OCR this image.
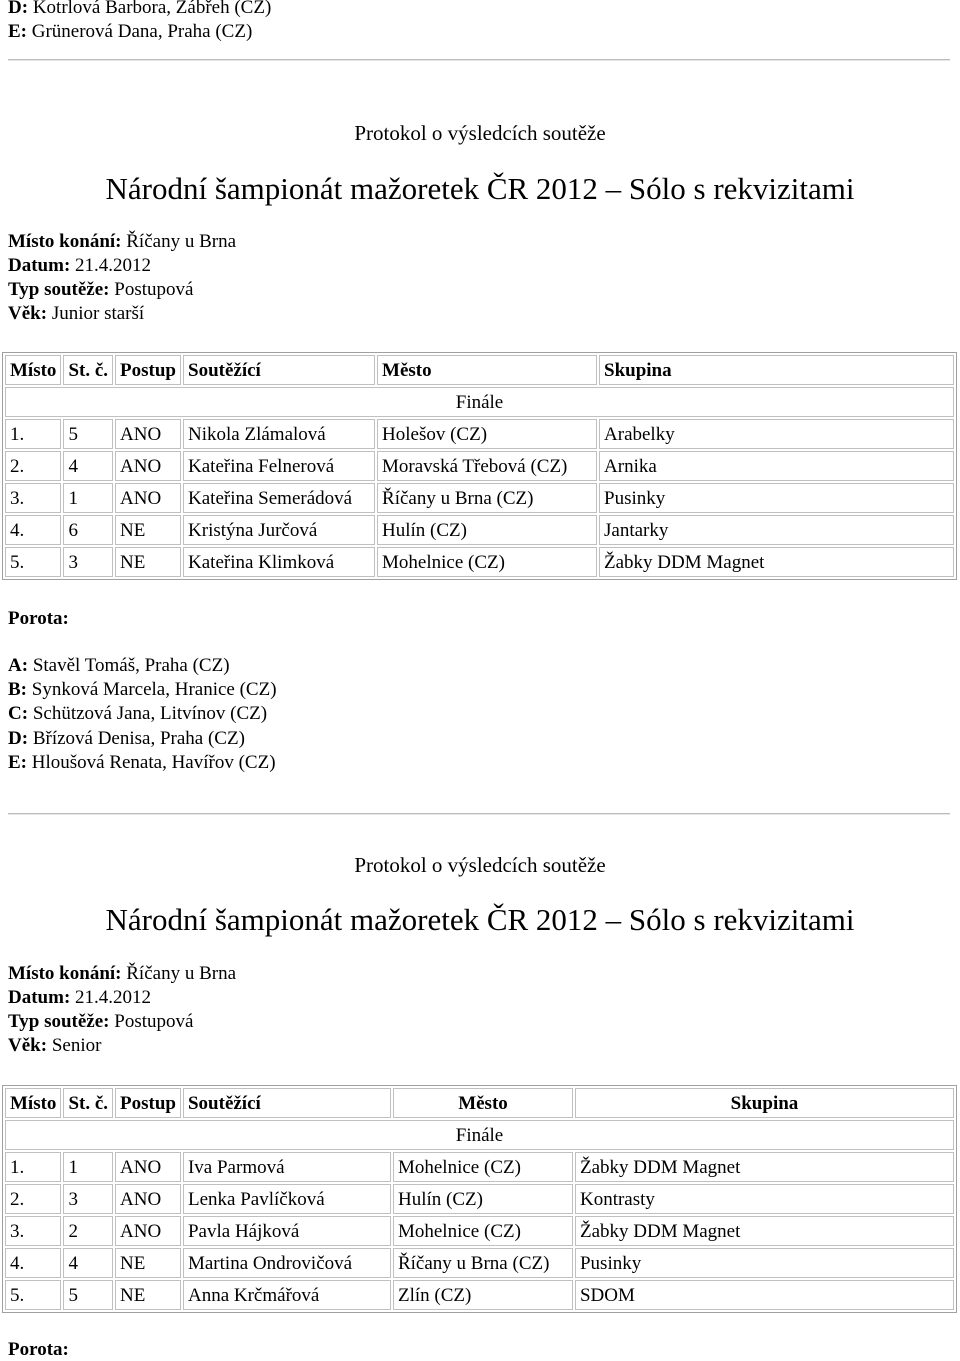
D: Kotrlová Barbora, Zábřeh (CZ)
E: Grünerová Dana, Praha (CZ)
Protokol o výsledcích soutěže
Národní šampionát mažoretek ČR 2012 – Sólo s rekvizitami
Místo konání: Říčany u Brna
Datum: 21.4.2012
Typ soutěže: Postupová
Věk: Junior starší
Místo	St. č.	Postup	Soutěžící	Město	Skupina
Finále					
1.	5	ANO	Nikola Zlámalová	Holešov (CZ)	Arabelky
2.	4	ANO	Kateřina Felnerová	Moravská Třebová (CZ)	Arnika
3.	1	ANO	Kateřina Semerádová	Říčany u Brna (CZ)	Pusinky
4.	6	NE	Kristýna Jurčová	Hulín (CZ)	Jantarky
5.	3	NE	Kateřina Klimková	Mohelnice (CZ)	Žabky DDM Magnet
Porota:
A: Stavěl Tomáš, Praha (CZ)
B: Synková Marcela, Hranice (CZ)
C: Schützová Jana, Litvínov (CZ)
D: Břízová Denisa, Praha (CZ)
E: Hloušová Renata, Havířov (CZ)
Protokol o výsledcích soutěže
Národní šampionát mažoretek ČR 2012 – Sólo s rekvizitami
Místo konání: Říčany u Brna
Datum: 21.4.2012
Typ soutěže: Postupová
Věk: Senior
Místo	St. č.	Postup	Soutěžící	Město	Skupina
Finále					
1.	1	ANO	Iva Parmová	Mohelnice (CZ)	Žabky DDM Magnet
2.	3	ANO	Lenka Pavlíčková	Hulín (CZ)	Kontrasty
3.	2	ANO	Pavla Hájková	Mohelnice (CZ)	Žabky DDM Magnet
4.	4	NE	Martina Ondrovičová	Říčany u Brna (CZ)	Pusinky
5.	5	NE	Anna Krčmářová	Zlín (CZ)	SDOM
Porota:
